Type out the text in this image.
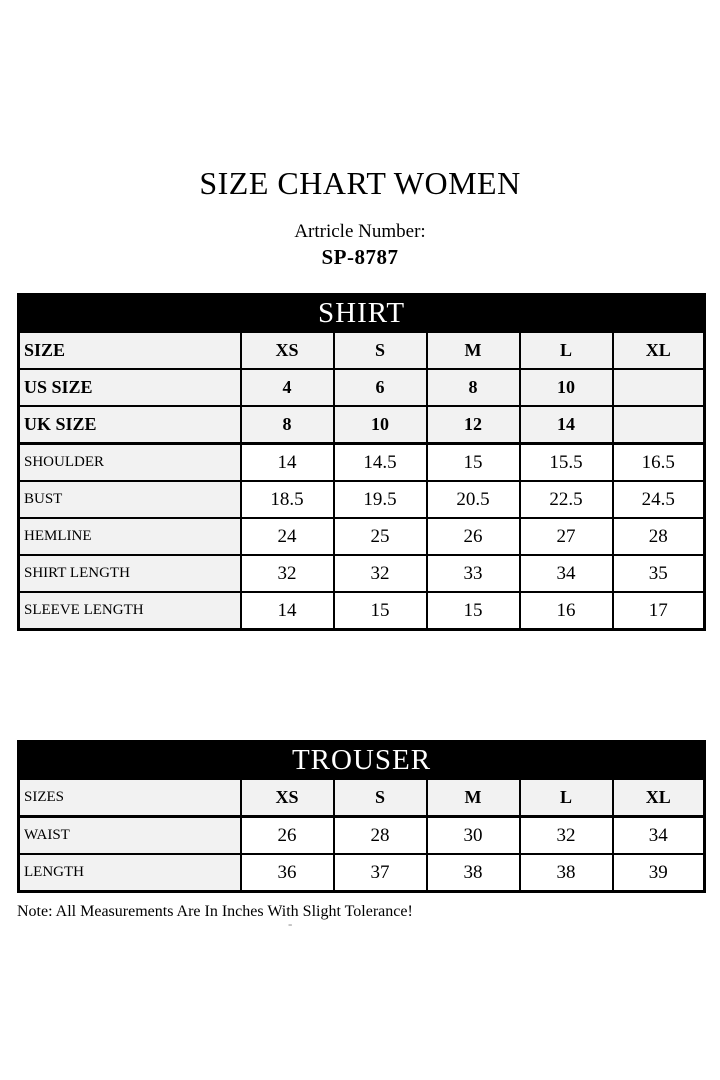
SIZE CHART WOMEN
Artricle Number:
SP-8787
SHIRT					
SIZE	XS	S	M	L	XL
US SIZE	4	6	8	10	
UK SIZE	8	10	12	14	
SHOULDER	14	14.5	15	15.5	16.5
BUST	18.5	19.5	20.5	22.5	24.5
HEMLINE	24	25	26	27	28
SHIRT LENGTH	32	32	33	34	35
SLEEVE LENGTH	14	15	15	16	17
TROUSER					
SIZES	XS	S	M	L	XL
WAIST	26	28	30	32	34
LENGTH	36	37	38	38	39
Note: All Measurements Are In Inches With Slight Tolerance!
-
